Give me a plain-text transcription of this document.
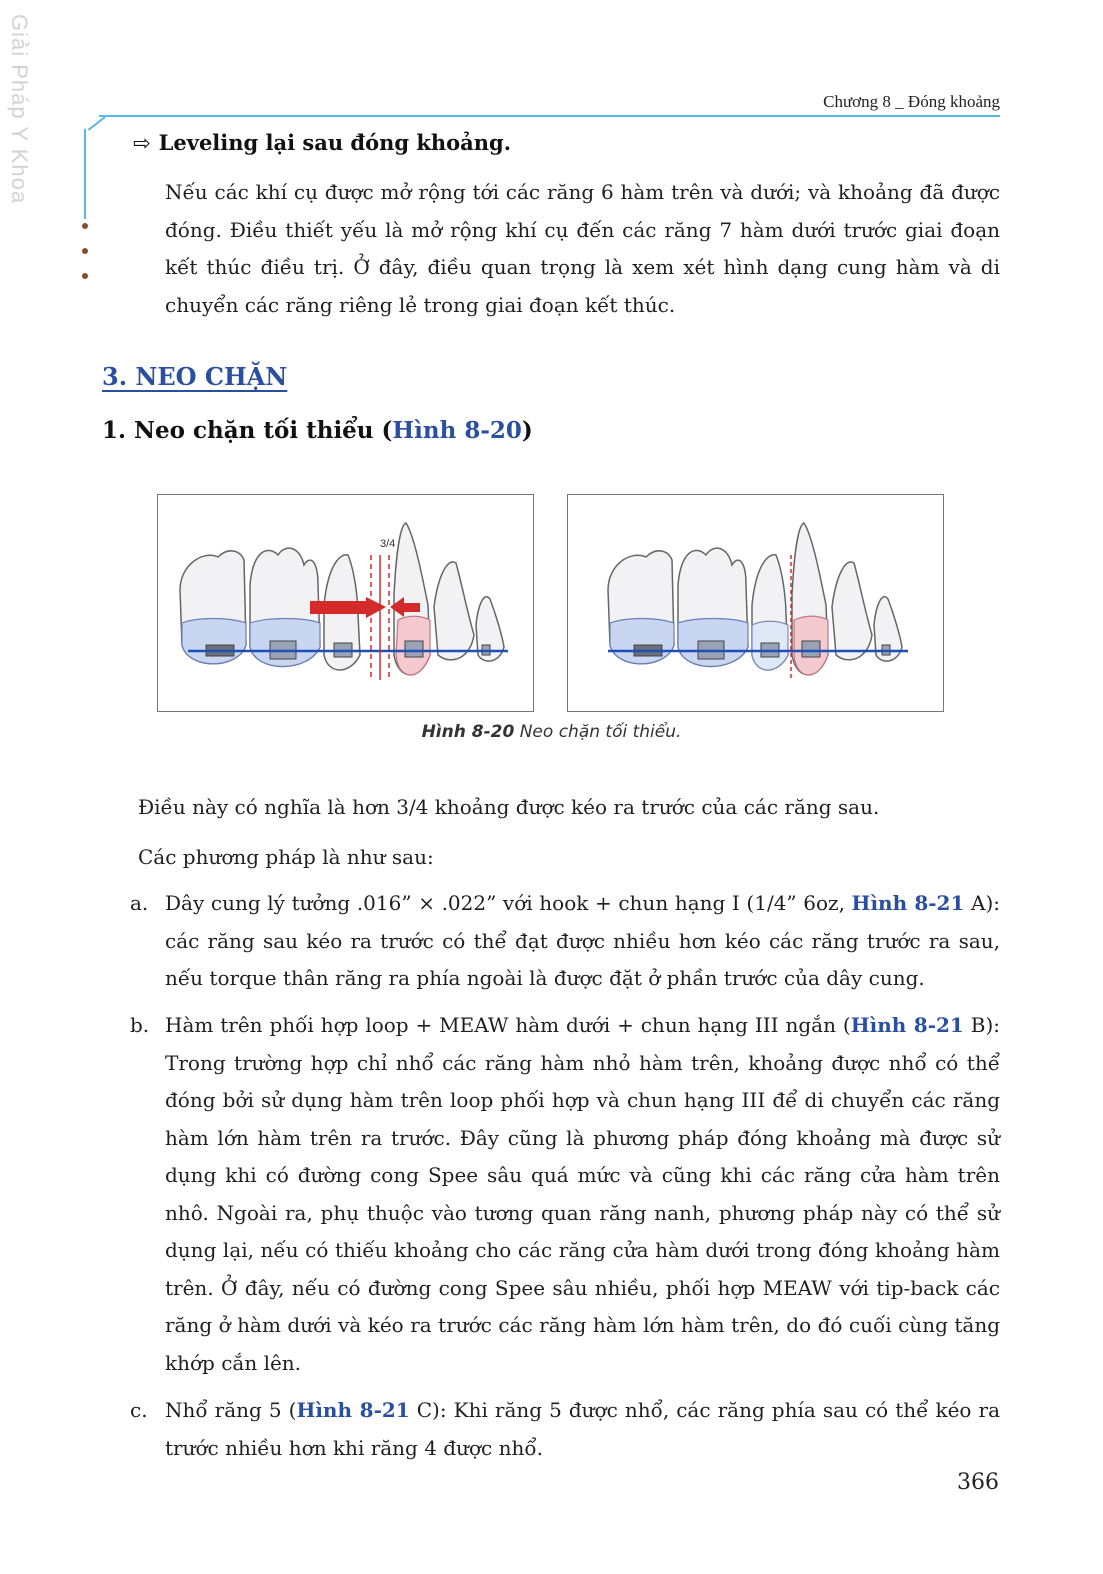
Giải Pháp Y Khoa	Chương 8 _ Đóng khoảng
⇨ Leveling lại sau đóng khoảng.
Nếu các khí cụ được mở rộng tới các răng 6 hàm trên và dưới; và khoảng đã được đóng. Điều thiết yếu là mở rộng khí cụ đến các răng 7 hàm dưới trước giai đoạn kết thúc điều trị. Ở đây, điều quan trọng là xem xét hình dạng cung hàm và di chuyển các răng riêng lẻ trong giai đoạn kết thúc.
3. NEO CHẶN
1. Neo chặn tối thiểu (Hình 8-20)
3/4
Hình 8-20 Neo chặn tối thiểu.
Điều này có nghĩa là hơn 3/4 khoảng được kéo ra trước của các răng sau.
Các phương pháp là như sau:
a. Dây cung lý tưởng .016” × .022” với hook + chun hạng I (1/4” 6oz, Hình 8-21 A): các răng sau kéo ra trước có thể đạt được nhiều hơn kéo các răng trước ra sau, nếu torque thân răng ra phía ngoài là được đặt ở phần trước của dây cung.
b. Hàm trên phối hợp loop + MEAW hàm dưới + chun hạng III ngắn (Hình 8-21 B): Trong trường hợp chỉ nhổ các răng hàm nhỏ hàm trên, khoảng được nhổ có thể đóng bởi sử dụng hàm trên loop phối hợp và chun hạng III để di chuyển các răng hàm lớn hàm trên ra trước. Đây cũng là phương pháp đóng khoảng mà được sử dụng khi có đường cong Spee sâu quá mức và cũng khi các răng cửa hàm trên nhô. Ngoài ra, phụ thuộc vào tương quan răng nanh, phương pháp này có thể sử dụng lại, nếu có thiếu khoảng cho các răng cửa hàm dưới trong đóng khoảng hàm trên. Ở đây, nếu có đường cong Spee sâu nhiều, phối hợp MEAW với tip-back các răng ở hàm dưới và kéo ra trước các răng hàm lớn hàm trên, do đó cuối cùng tăng khớp cắn lên.
c. Nhổ răng 5 (Hình 8-21 C): Khi răng 5 được nhổ, các răng phía sau có thể kéo ra trước nhiều hơn khi răng 4 được nhổ.
366
